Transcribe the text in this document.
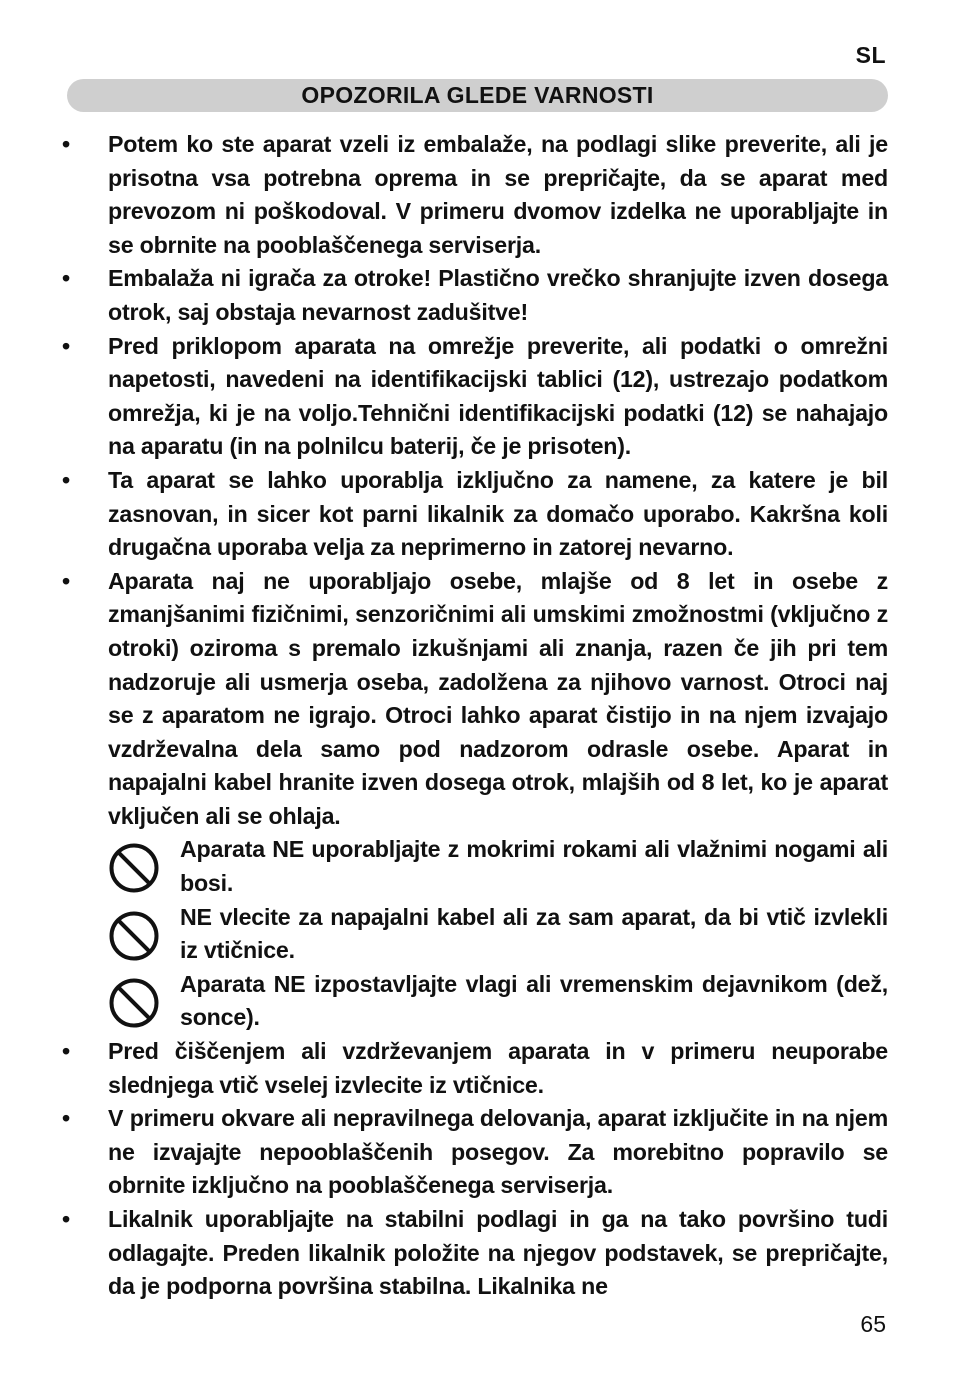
SL
OPOZORILA GLEDE VARNOSTI
•	Potem ko ste aparat vzeli iz embalaže, na podlagi slike preverite, ali je prisotna vsa potrebna oprema in se prepričajte, da se aparat med prevozom ni poškodoval. V primeru dvomov izdelka ne uporabljajte in se obrnite na pooblaščenega serviserja.
•	Embalaža ni igrača za otroke! Plastično vrečko shranjujte izven dosega otrok, saj obstaja nevarnost zadušitve!
•	Pred priklopom aparata na omrežje preverite, ali podatki o omrežni napetosti, navedeni na identifikacijski tablici (12), ustrezajo podatkom omrežja, ki je na voljo.Tehnični identifikacijski podatki (12) se nahajajo na aparatu (in na polnilcu baterij, če je prisoten).
•	Ta aparat se lahko uporablja izključno za namene, za katere je bil zasnovan, in sicer kot parni likalnik za domačo uporabo. Kakršna koli drugačna uporaba velja za neprimerno in zatorej nevarno.
•	Aparata naj ne uporabljajo osebe, mlajše od 8 let in osebe z zmanjšanimi fizičnimi, senzoričnimi ali umskimi zmožnostmi (vključno z otroki) oziroma s premalo izkušnjami ali znanja, razen če jih pri tem nadzoruje ali usmerja oseba, zadolžena za njihovo varnost. Otroci naj se z aparatom ne igrajo. Otroci lahko aparat čistijo in na njem izvajajo vzdrževalna dela samo pod nadzorom odrasle osebe. Aparat in napajalni kabel hranite izven dosega otrok, mlajših od 8 let, ko je aparat vključen ali se ohlaja.
Aparata NE uporabljajte z mokrimi rokami ali vlažnimi nogami ali bosi.
NE vlecite za napajalni kabel ali za sam aparat, da bi vtič izvlekli iz vtičnice.
Aparata NE izpostavljajte vlagi ali vremenskim dejavnikom (dež, sonce).
•	Pred čiščenjem ali vzdrževanjem aparata in v primeru neuporabe slednjega vtič vselej izvlecite iz vtičnice.
•	V primeru okvare ali nepravilnega delovanja, aparat izključite in na njem ne izvajajte nepooblaščenih posegov. Za morebitno popravilo se obrnite izključno na pooblaščenega serviserja.
•	Likalnik uporabljajte na stabilni podlagi in ga na tako površino tudi odlagajte. Preden likalnik položite na njegov podstavek, se prepričajte, da je podporna površina stabilna. Likalnika ne
65
